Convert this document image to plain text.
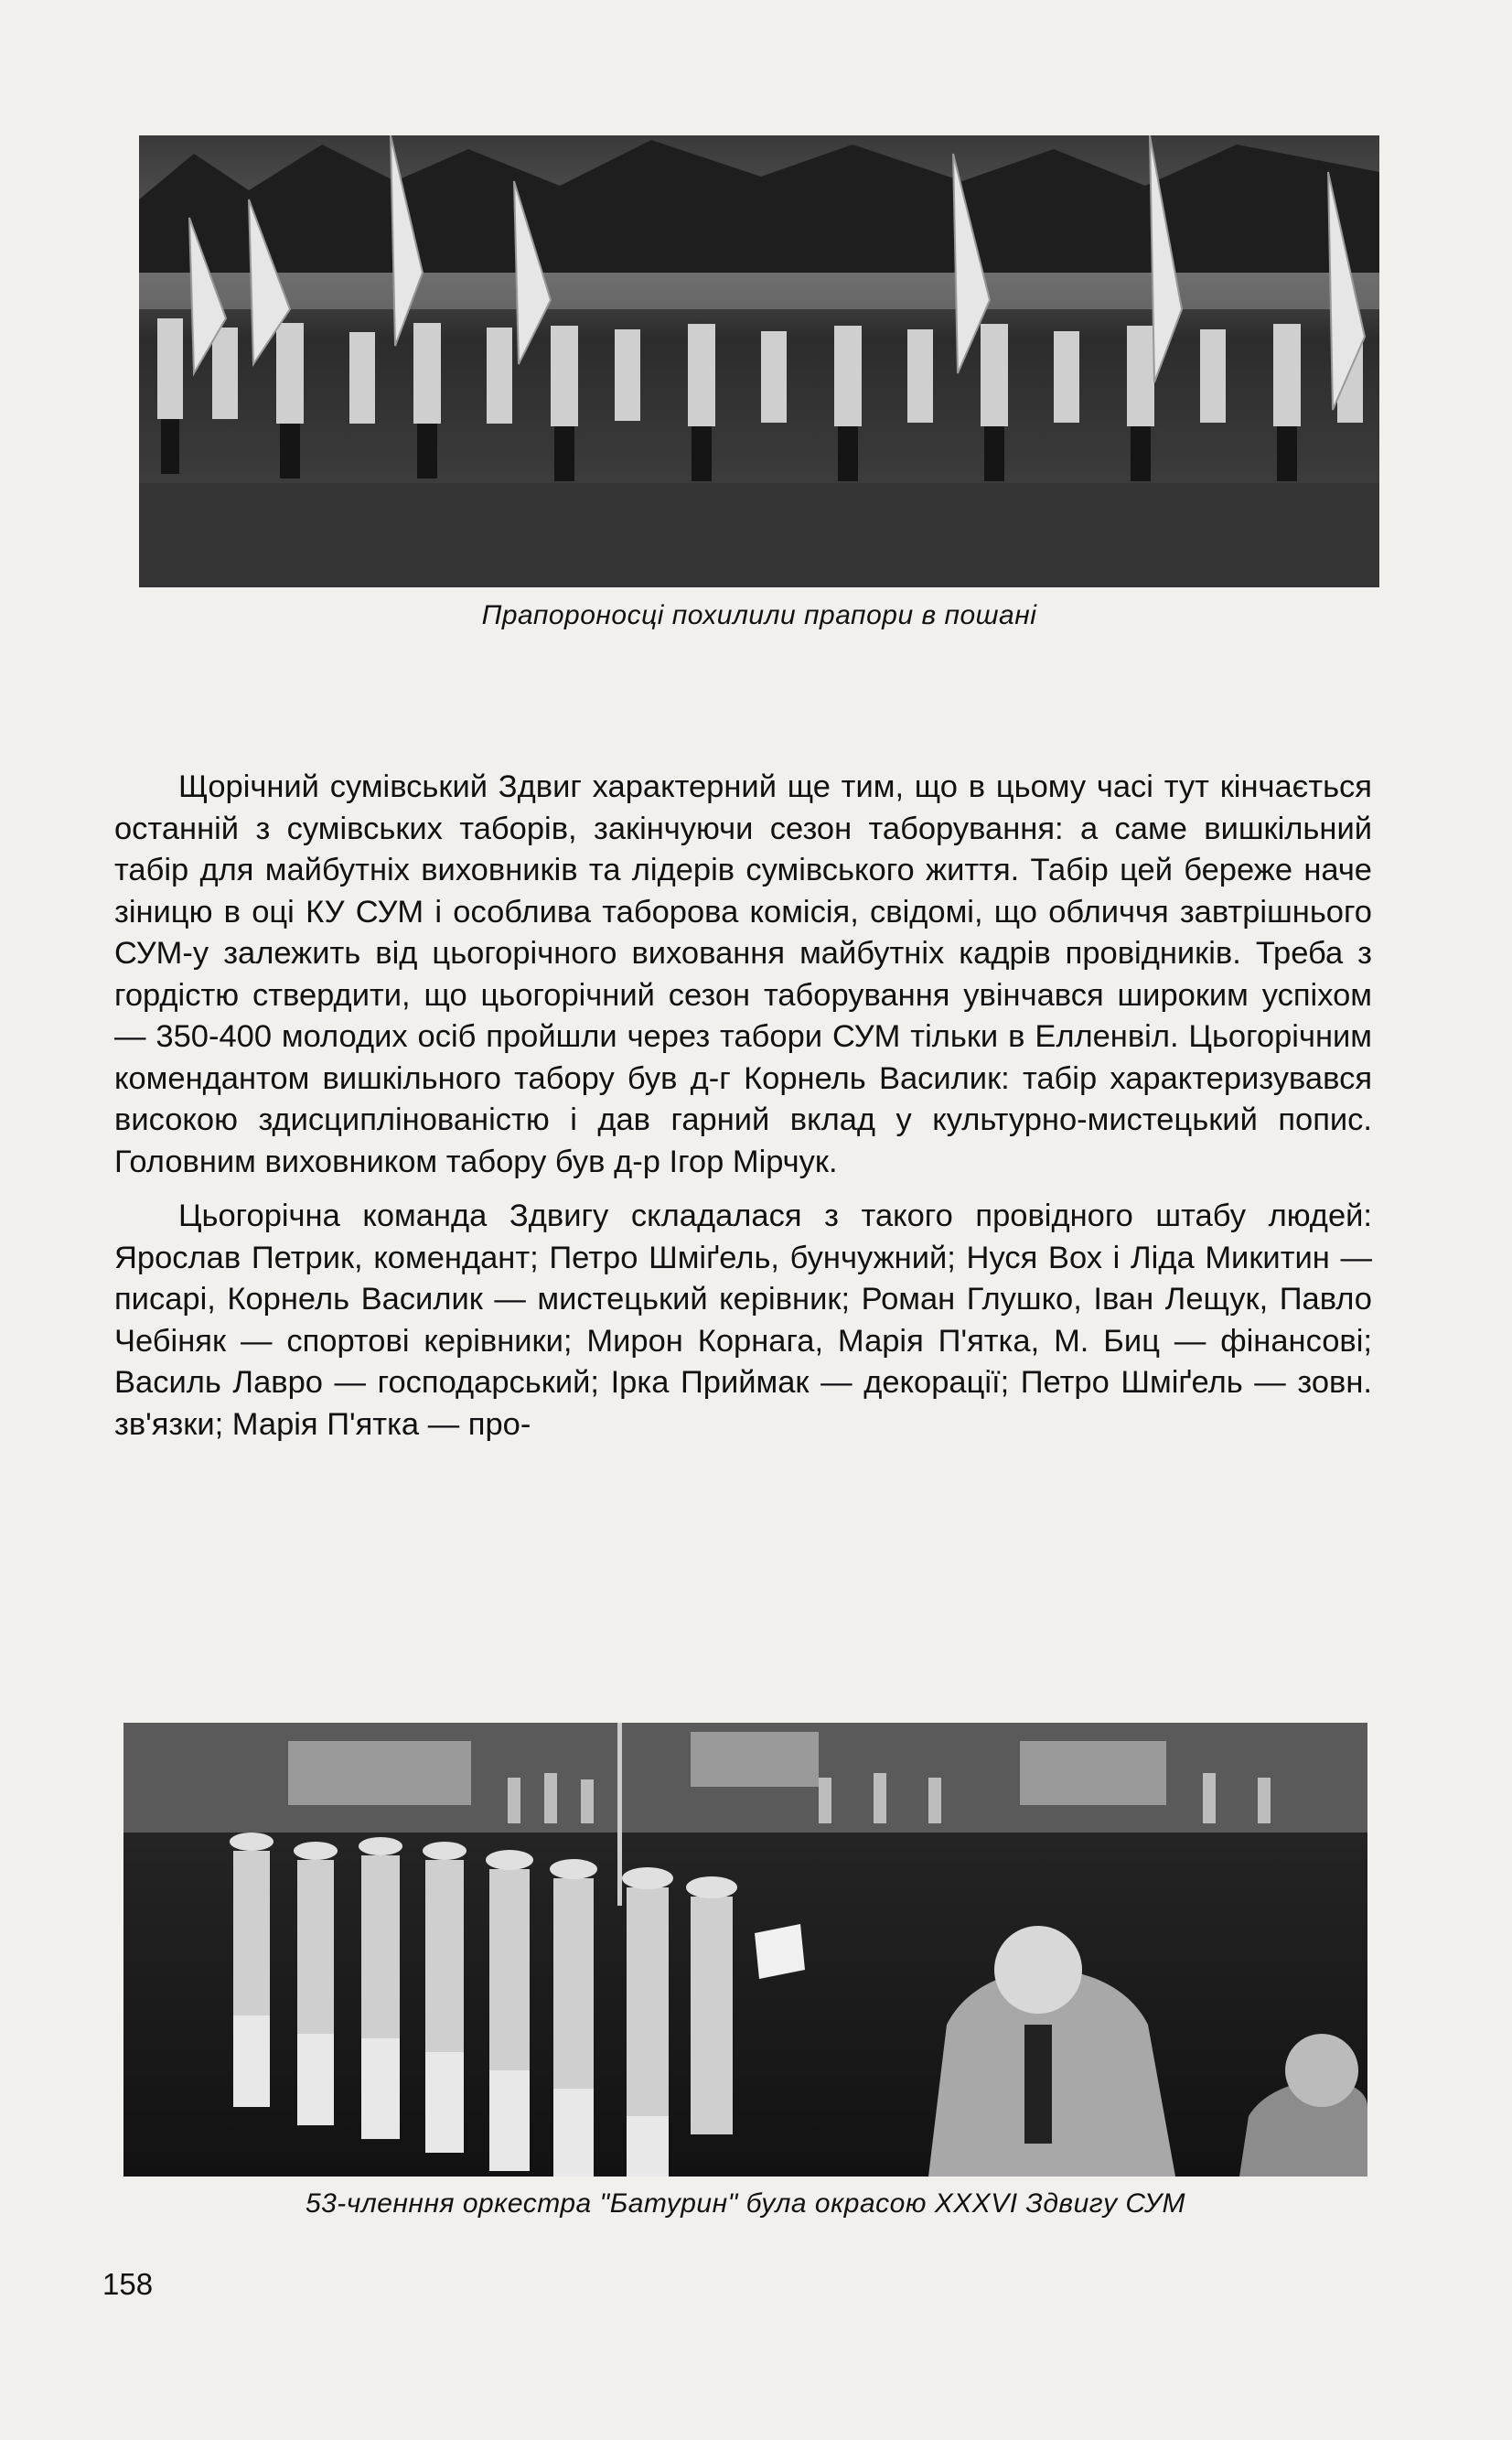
Прапороносці похилили прапори в пошані

Щорічний сумівський Здвиг характерний ще тим, що в цьому часі тут кінчається останній з сумівських таборів, закінчуючи сезон таборування: а саме вишкільний табір для майбутніх виховників та лідерів сумівського життя. Табір цей береже наче зіницю в оці КУ СУМ і особлива таборова комісія, свідомі, що обличчя завтрішнього СУМ-у залежить від цьогорічного виховання майбутніх кадрів провідників. Треба з гордістю ствердити, що цьогорічний сезон таборування увінчався широким успіхом — 350-400 молодих осіб пройшли через табори СУМ тільки в Елленвіл. Цьогорічним комендантом вишкільного табору був д-г Корнель Василик: табір характеризувався високою здисциплінованістю і дав гарний вклад у культурно-мистецький попис. Головним виховником табору був д-р Ігор Мірчук.

Цьогорічна команда Здвигу складалася з такого провідного штабу людей: Ярослав Петрик, комендант; Петро Шміґель, бунчужний; Нуся Вох і Ліда Микитин — писарі, Корнель Василик — мистецький керівник; Роман Глушко, Іван Лещук, Павло Чебіняк — спортові керівники; Мирон Корнага, Марія П'ятка, М. Биц — фінансові; Василь Лавро — господарський; Ірка Приймак — декорації; Петро Шміґель — зовн. зв'язки; Марія П'ятка — про-

53-членння оркестра "Батурин" була окрасою XXXVI Здвигу СУМ
158
